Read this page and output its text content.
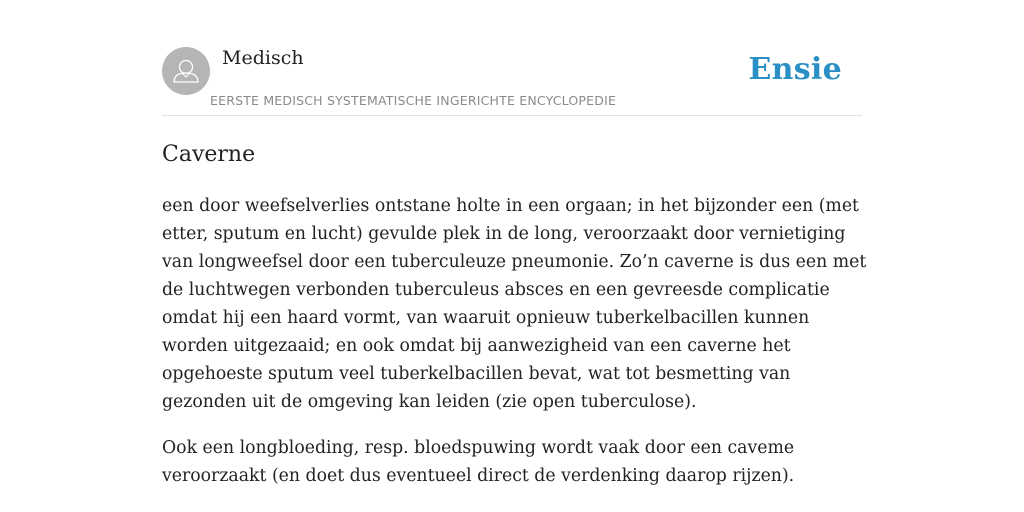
Medisch
EERSTE MEDISCH SYSTEMATISCHE INGERICHTE ENCYCLOPEDIE
Ensie
Caverne

een door weefselverlies ontstane holte in een orgaan; in het bijzonder een (met etter, sputum en lucht) gevulde plek in de long, veroorzaakt door vernietiging van longweefsel door een tuberculeuze pneumonie. Zo’n caverne is dus een met de luchtwegen verbonden tuberculeus absces en een gevreesde complicatie omdat hij een haard vormt, van waaruit opnieuw tuberkelbacillen kunnen worden uitgezaaid; en ook omdat bij aanwezigheid van een caverne het opgehoeste sputum veel tuberkelbacillen bevat, wat tot besmetting van gezonden uit de omgeving kan leiden (zie open tuberculose).

Ook een longbloeding, resp. bloedspuwing wordt vaak door een caveme veroorzaakt (en doet dus eventueel direct de verdenking daarop rijzen).
